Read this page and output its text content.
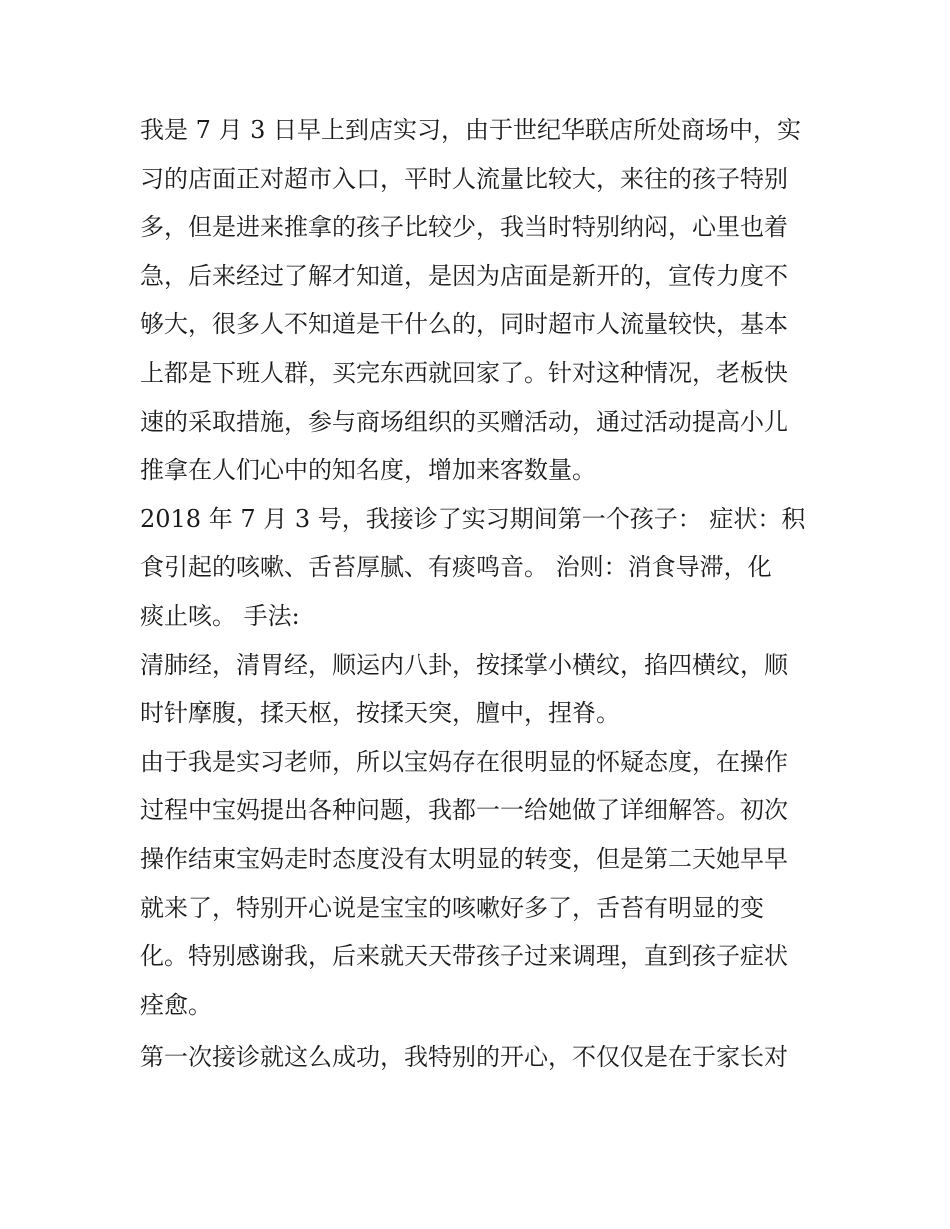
我是 7 月 3 日早上到店实习，由于世纪华联店所处商场中，实
习的店面正对超市入口，平时人流量比较大，来往的孩子特别
多，但是进来推拿的孩子比较少，我当时特别纳闷，心里也着
急，后来经过了解才知道，是因为店面是新开的，宣传力度不
够大，很多人不知道是干什么的，同时超市人流量较快，基本
上都是下班人群，买完东西就回家了。针对这种情况，老板快
速的采取措施，参与商场组织的买赠活动，通过活动提高小儿
推拿在人们心中的知名度，增加来客数量。
2018 年 7 月 3 号，我接诊了实习期间第一个孩子： 症状：积
食引起的咳嗽、舌苔厚腻、有痰鸣音。 治则：消食导滞，化
痰止咳。 手法:
清肺经，清胃经，顺运内八卦，按揉掌小横纹，掐四横纹，顺
时针摩腹，揉天枢，按揉天突，膻中，捏脊。
由于我是实习老师，所以宝妈存在很明显的怀疑态度，在操作
过程中宝妈提出各种问题，我都一一给她做了详细解答。初次
操作结束宝妈走时态度没有太明显的转变，但是第二天她早早
就来了，特别开心说是宝宝的咳嗽好多了，舌苔有明显的变
化。特别感谢我，后来就天天带孩子过来调理，直到孩子症状
痊愈。
第一次接诊就这么成功，我特别的开心，不仅仅是在于家长对
